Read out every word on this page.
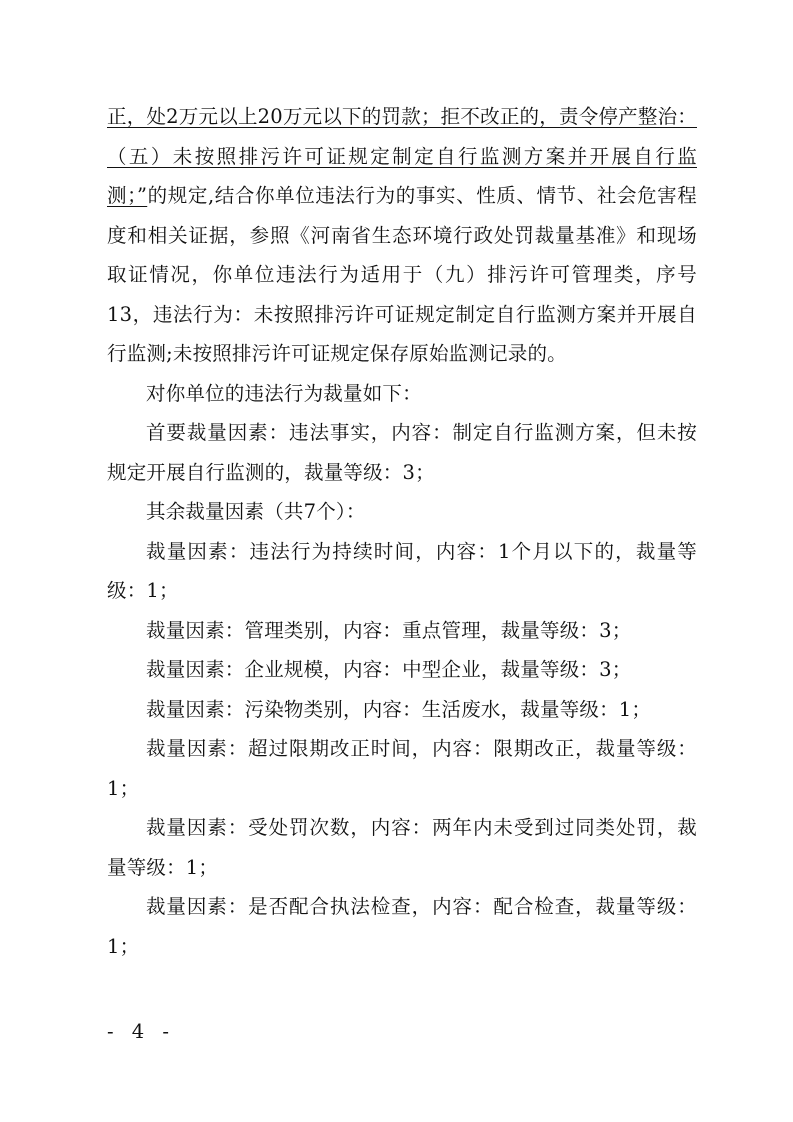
正，处2万元以上20万元以下的罚款；拒不改正的，责令停产整治：（五）未按照排污许可证规定制定自行监测方案并开展自行监测；”的规定,结合你单位违法行为的事实、性质、情节、社会危害程度和相关证据，参照《河南省生态环境行政处罚裁量基准》和现场取证情况，你单位违法行为适用于（九）排污许可管理类，序号13，违法行为：未按照排污许可证规定制定自行监测方案并开展自行监测;未按照排污许可证规定保存原始监测记录的。

对你单位的违法行为裁量如下：

首要裁量因素：违法事实，内容：制定自行监测方案，但未按规定开展自行监测的，裁量等级：3；

其余裁量因素（共7个）：

裁量因素：违法行为持续时间，内容：1个月以下的，裁量等级：1；

裁量因素：管理类别，内容：重点管理，裁量等级：3；

裁量因素：企业规模，内容：中型企业，裁量等级：3；

裁量因素：污染物类别，内容：生活废水，裁量等级：1；

裁量因素：超过限期改正时间，内容：限期改正，裁量等级：1；

裁量因素：受处罚次数，内容：两年内未受到过同类处罚，裁量等级：1；

裁量因素：是否配合执法检查，内容：配合检查，裁量等级：1；

- 4 -
